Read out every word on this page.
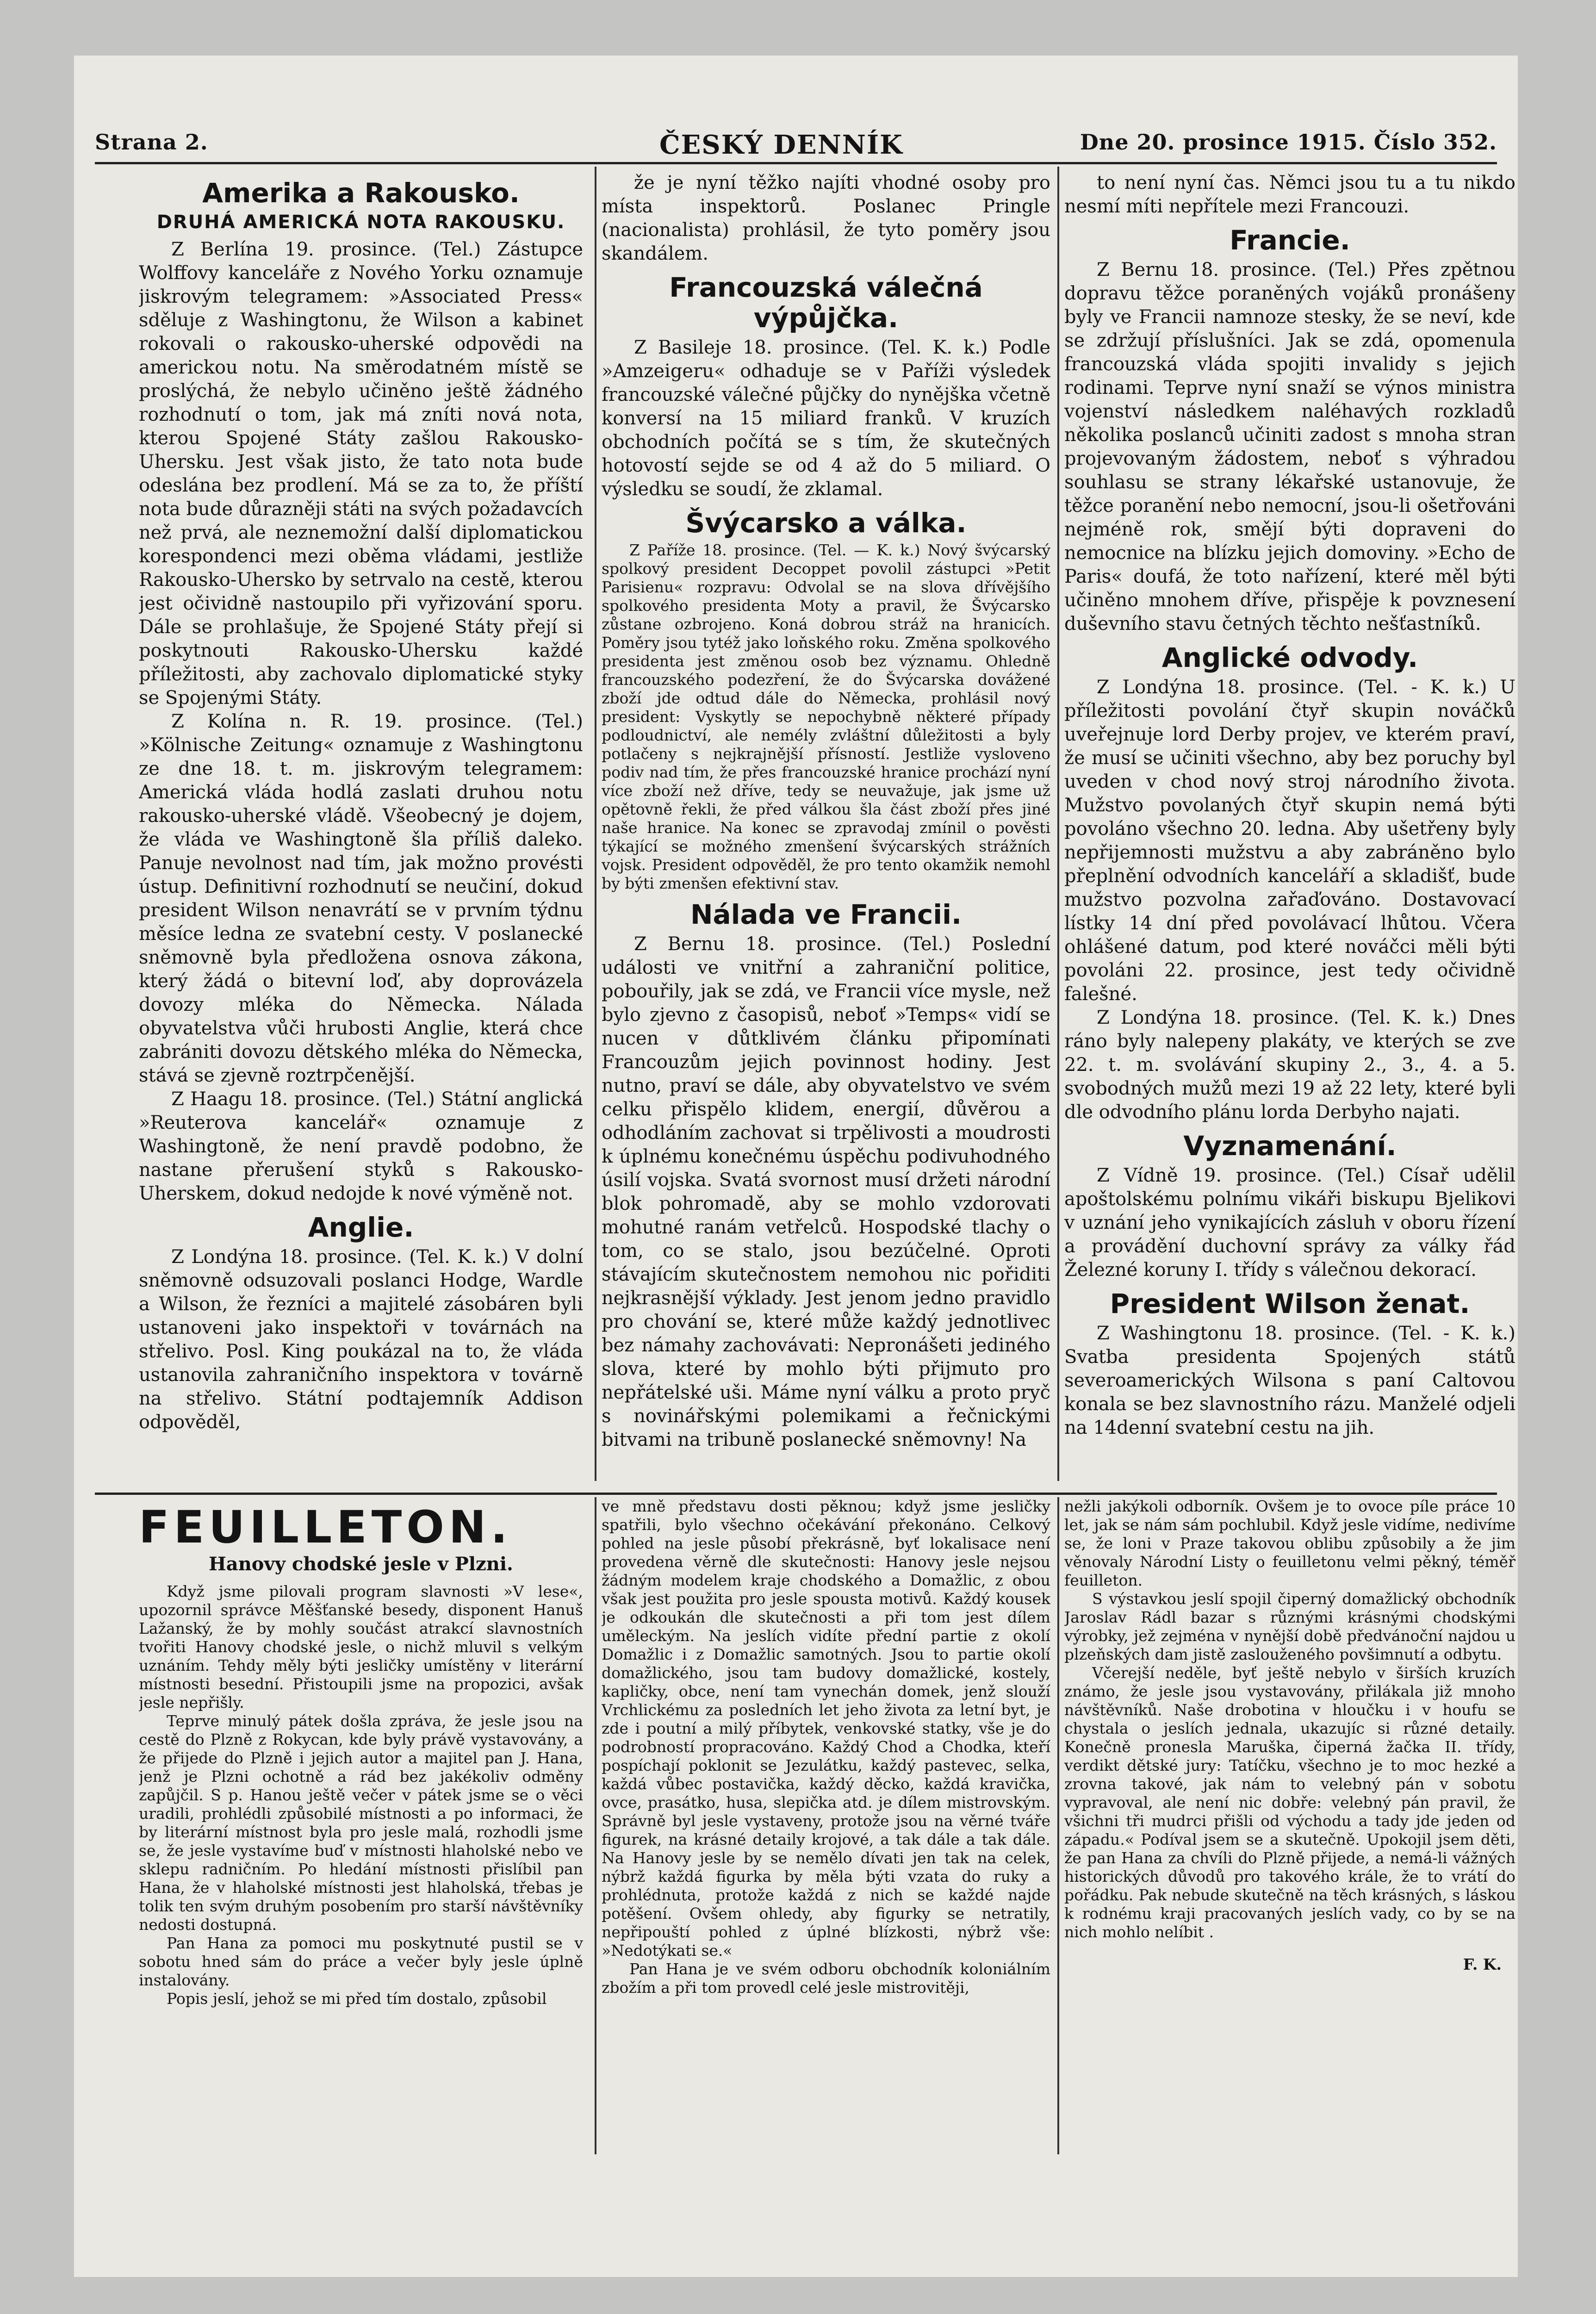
Strana 2.	ČESKÝ DENNÍK	Dne 20. prosince 1915. Číslo 352.
Amerika a Rakousko.
DRUHÁ AMERICKÁ NOTA RAKOUSKU.

Z Berlína 19. prosince. (Tel.) Zástupce Wolffovy kanceláře z Nového Yorku oznamuje jiskrovým telegramem: »Associated Press« sděluje z Washingtonu, že Wilson a kabinet rokovali o rakousko-uherské odpovědi na americkou notu. Na směrodatném místě se proslýchá, že nebylo učiněno ještě žádného rozhodnutí o tom, jak má zníti nová nota, kterou Spojené Státy zašlou Rakousko-Uhersku. Jest však jisto, že tato nota bude odeslána bez prodlení. Má se za to, že příští nota bude důrazněji státi na svých požadavcích než prvá, ale neznemožní další diplomatickou korespondenci mezi oběma vládami, jestliže Rakousko-Uhersko by setrvalo na cestě, kterou jest očividně nastoupilo při vyřizování sporu. Dále se prohlašuje, že Spojené Státy přejí si poskytnouti Rakousko-Uhersku každé příležitosti, aby zachovalo diplomatické styky se Spojenými Státy.

Z Kolína n. R. 19. prosince. (Tel.) »Kölnische Zeitung« oznamuje z Washingtonu ze dne 18. t. m. jiskrovým telegramem: Americká vláda hodlá zaslati druhou notu rakousko-uherské vládě. Všeobecný je dojem, že vláda ve Washingtoně šla příliš daleko. Panuje nevolnost nad tím, jak možno provésti ústup. Definitivní rozhodnutí se neučiní, dokud president Wilson nenavrátí se v prvním týdnu měsíce ledna ze svatební cesty. V poslanecké sněmovně byla předložena osnova zákona, který žádá o bitevní loď, aby doprovázela dovozy mléka do Německa. Nálada obyvatelstva vůči hrubosti Anglie, která chce zabrániti dovozu dětského mléka do Německa, stává se zjevně roztrpčenější.

Z Haagu 18. prosince. (Tel.) Státní anglická »Reuterova kancelář« oznamuje z Washingtoně, že není pravdě podobno, že nastane přerušení styků s Rakousko-Uherskem, dokud nedojde k nové výměně not.

Anglie.

Z Londýna 18. prosince. (Tel. K. k.) V dolní sněmovně odsuzovali poslanci Hodge, Wardle a Wilson, že řezníci a majitelé zásobáren byli ustanoveni jako inspektoři v továrnách na střelivo. Posl. King poukázal na to, že vláda ustanovila zahraničního inspektora v továrně na střelivo. Státní podtajemník Addison odpověděl,

že je nyní těžko najíti vhodné osoby pro místa inspektorů. Poslanec Pringle (nacionalista) prohlásil, že tyto poměry jsou skandálem.

Francouzská válečná výpůjčka.

Z Basileje 18. prosince. (Tel. K. k.) Podle »Amzeigeru« odhaduje se v Paříži výsledek francouzské válečné půjčky do nynějška včetně konversí na 15 miliard franků. V kruzích obchodních počítá se s tím, že skutečných hotovostí sejde se od 4 až do 5 miliard. O výsledku se soudí, že zklamal.

Švýcarsko a válka.

Z Paříže 18. prosince. (Tel. — K. k.) Nový švýcarský spolkový president Decoppet povolil zástupci »Petit Parisienu« rozpravu: Odvolal se na slova dřívějšího spolkového presidenta Moty a pravil, že Švýcarsko zůstane ozbrojeno. Koná dobrou stráž na hranicích. Poměry jsou tytéž jako loňského roku. Změna spolkového presidenta jest změnou osob bez významu. Ohledně francouzského podezření, že do Švýcarska dovážené zboží jde odtud dále do Německa, prohlásil nový president: Vyskytly se nepochybně některé případy podloudnictví, ale nemély zvláštní důležitosti a byly potlačeny s nejkrajnější přísností. Jestliže vysloveno podiv nad tím, že přes francouzské hranice prochází nyní více zboží než dříve, tedy se neuvažuje, jak jsme už opětovně řekli, že před válkou šla část zboží přes jiné naše hranice. Na konec se zpravodaj zmínil o pověsti týkající se možného zmenšení švýcarských strážních vojsk. President odpověděl, že pro tento okamžik nemohl by býti zmenšen efektivní stav.

Nálada ve Francii.

Z Bernu 18. prosince. (Tel.) Poslední události ve vnitřní a zahraniční politice, pobouřily, jak se zdá, ve Francii více mysle, než bylo zjevno z časopisů, neboť »Temps« vidí se nucen v důtklivém článku připomínati Francouzům jejich povinnost hodiny. Jest nutno, praví se dále, aby obyvatelstvo ve svém celku přispělo klidem, energií, důvěrou a odhodláním zachovat si trpělivosti a moudrosti k úplnému konečnému úspěchu podivuhodného úsilí vojska. Svatá svornost musí držeti národní blok pohromadě, aby se mohlo vzdorovati mohutné ranám vetřelců. Hospodské tlachy o tom, co se stalo, jsou bezúčelné. Oproti stávajícím skutečnostem nemohou nic pořiditi nejkrasnější výklady. Jest jenom jedno pravidlo pro chování se, které může každý jednotlivec bez námahy zachovávati: Nepronášeti jediného slova, které by mohlo býti přijmuto pro nepřátelské uši. Máme nyní válku a proto pryč s novinářskými polemikami a řečnickými bitvami na tribuně poslanecké sněmovny! Na

to není nyní čas. Němci jsou tu a tu nikdo nesmí míti nepřítele mezi Francouzi.

Francie.

Z Bernu 18. prosince. (Tel.) Přes zpětnou dopravu těžce poraněných vojáků pronášeny byly ve Francii namnoze stesky, že se neví, kde se zdržují příslušníci. Jak se zdá, opomenula francouzská vláda spojiti invalidy s jejich rodinami. Teprve nyní snaží se výnos ministra vojenství následkem naléhavých rozkladů několika poslanců učiniti zadost s mnoha stran projevovaným žádostem, neboť s výhradou souhlasu se strany lékařské ustanovuje, že těžce poranění nebo nemocní, jsou-li ošetřováni nejméně rok, smějí býti dopraveni do nemocnice na blízku jejich domoviny. »Echo de Paris« doufá, že toto nařízení, které měl býti učiněno mnohem dříve, přispěje k povznesení duševního stavu četných těchto nešťastníků.

Anglické odvody.

Z Londýna 18. prosince. (Tel. - K. k.) U příležitosti povolání čtyř skupin nováčků uveřejnuje lord Derby projev, ve kterém praví, že musí se učiniti všechno, aby bez poruchy byl uveden v chod nový stroj národního života. Mužstvo povolaných čtyř skupin nemá býti povoláno všechno 20. ledna. Aby ušetřeny byly nepřijemnosti mužstvu a aby zabráněno bylo přeplnění odvodních kanceláří a skladišť, bude mužstvo pozvolna zařaďováno. Dostavovací lístky 14 dní před povolávací lhůtou. Včera ohlášené datum, pod které nováčci měli býti povoláni 22. prosince, jest tedy očividně falešné.

Z Londýna 18. prosince. (Tel. K. k.) Dnes ráno byly nalepeny plakáty, ve kterých se zve 22. t. m. svolávání skupiny 2., 3., 4. a 5. svobodných mužů mezi 19 až 22 lety, které byli dle odvodního plánu lorda Derbyho najati.

Vyznamenání.

Z Vídně 19. prosince. (Tel.) Císař udělil apoštolskému polnímu vikáři biskupu Bjelikovi v uznání jeho vynikajících zásluh v oboru řízení a provádění duchovní správy za války řád Železné koruny I. třídy s válečnou dekorací.

President Wilson ženat.

Z Washingtonu 18. prosince. (Tel. - K. k.) Svatba presidenta Spojených států severoamerických Wilsona s paní Caltovou konala se bez slavnostního rázu. Manželé odjeli na 14denní svatební cestu na jih.

FEUILLETON.
Hanovy chodské jesle v Plzni.

Když jsme pilovali program slavnosti »V lese«, upozornil správce Měšťanské besedy, disponent Hanuš Lažanský, že by mohly součást atrakcí slavnostních tvořiti Hanovy chodské jesle, o nichž mluvil s velkým uznáním. Tehdy měly býti jesličky umístěny v literární místnosti besední. Přistoupili jsme na propozici, avšak jesle nepřišly.

Teprve minulý pátek došla zpráva, že jesle jsou na cestě do Plzně z Rokycan, kde byly právě vystavovány, a že přijede do Plzně i jejich autor a majitel pan J. Hana, jenž je Plzni ochotně a rád bez jakékoliv odměny zapůjčil. S p. Hanou ještě večer v pátek jsme se o věci uradili, prohlédli způsobilé místnosti a po informaci, že by literární místnost byla pro jesle malá, rozhodli jsme se, že jesle vystavíme buď v místnosti hlaholské nebo ve sklepu radničním. Po hledání místnosti přislíbil pan Hana, že v hlaholské místnosti jest hlaholská, třebas je tolik ten svým druhým posobením pro starší návštěvníky nedosti dostupná.

Pan Hana za pomoci mu poskytnuté pustil se v sobotu hned sám do práce a večer byly jesle úplně instalovány.

Popis jeslí, jehož se mi před tím dostalo, způsobil

ve mně představu dosti pěknou; když jsme jesličky spatřili, bylo všechno očekávání překonáno. Celkový pohled na jesle působí překrásně, byť lokalisace není provedena věrně dle skutečnosti: Hanovy jesle nejsou žádným modelem kraje chodského a Domažlic, z obou však jest použita pro jesle spousta motivů. Každý kousek je odkoukán dle skutečnosti a při tom jest dílem uměleckým. Na jeslích vidíte přední partie z okolí Domažlic i z Domažlic samotných. Jsou to partie okolí domažlického, jsou tam budovy domažlické, kostely, kapličky, obce, není tam vynechán domek, jenž slouží Vrchlickému za posledních let jeho života za letní byt, je zde i poutní a milý příbytek, venkovské statky, vše je do podrobností propracováno. Každý Chod a Chodka, kteří pospíchají poklonit se Jezulátku, každý pastevec, selka, každá vůbec postavička, každý děcko, každá kravička, ovce, prasátko, husa, slepička atd. je dílem mistrovským. Správně byl jesle vystaveny, protože jsou na věrné tváře figurek, na krásné detaily krojové, a tak dále a tak dále. Na Hanovy jesle by se nemělo dívati jen tak na celek, nýbrž každá figurka by měla býti vzata do ruky a prohlédnuta, protože každá z nich se každé najde potěšení. Ovšem ohledy, aby figurky se netratily, nepřipouští pohled z úplné blízkosti, nýbrž vše: »Nedotýkati se.«

Pan Hana je ve svém odboru obchodník koloniálním zbožím a při tom provedl celé jesle mistrovitěji,

nežli jakýkoli odborník. Ovšem je to ovoce píle práce 10 let, jak se nám sám pochlubil. Když jesle vidíme, nedivíme se, že loni v Praze takovou oblibu způsobily a že jim věnovaly Národní Listy o feuilletonu velmi pěkný, téměř feuilleton.

S výstavkou jeslí spojil čiperný domažlický obchodník Jaroslav Rádl bazar s různými krásnými chodskými výrobky, jež zejména v nynější době předvánoční najdou u plzeňských dam jistě zaslouženého povšimnutí a odbytu.

Včerejší neděle, byť ještě nebylo v širších kruzích známo, že jesle jsou vystavovány, přilákala již mnoho návštěvníků. Naše drobotina v hloučku i v houfu se chystala o jeslích jednala, ukazujíc si různé detaily. Konečně pronesla Maruška, čiperná žačka II. třídy, verdikt dětské jury: Tatíčku, všechno je to moc hezké a zrovna takové, jak nám to velebný pán v sobotu vypravoval, ale není nic dobře: velebný pán pravil, že všichni tři mudrci přišli od východu a tady jde jeden od západu.« Podíval jsem se a skutečně. Upokojil jsem děti, že pan Hana za chvíli do Plzně přijede, a nemá-li vážných historických důvodů pro takového krále, že to vrátí do pořádku. Pak nebude skutečně na těch krásných, s láskou k rodnému kraji pracovaných jeslích vady, co by se na nich mohlo nelíbit .

F. K.
